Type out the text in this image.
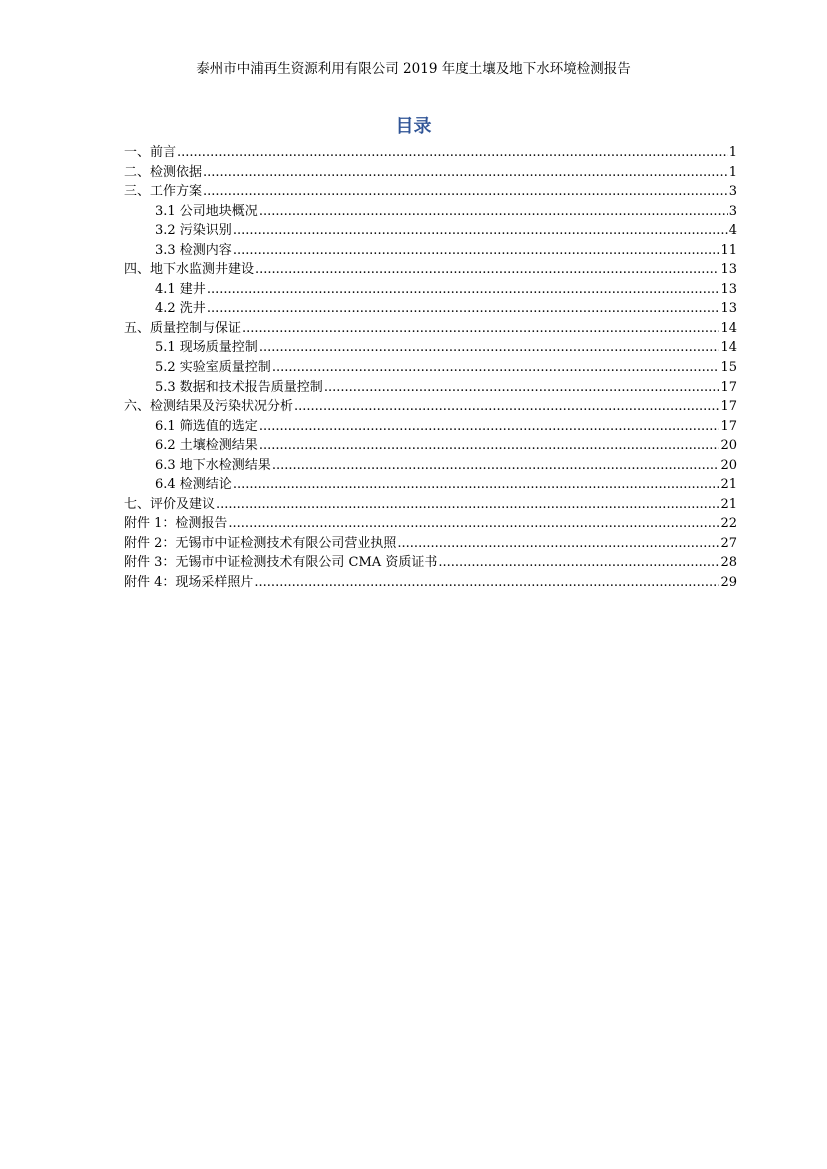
泰州市中浦再生资源利用有限公司 2019 年度土壤及地下水环境检测报告
目录
一、前言 .....	1
二、检测依据 .....	1
三、工作方案 .....	3
3.1 公司地块概况 .....	3
3.2 污染识别 .....	4
3.3 检测内容 .....	11
四、地下水监测井建设 .....	13
4.1 建井 .....	13
4.2 洗井 .....	13
五、质量控制与保证 .....	14
5.1 现场质量控制 .....	14
5.2 实验室质量控制 .....	15
5.3 数据和技术报告质量控制 .....	17
六、检测结果及污染状况分析 .....	17
6.1 筛选值的选定 .....	17
6.2 土壤检测结果 .....	20
6.3 地下水检测结果 .....	20
6.4 检测结论 .....	21
七、评价及建议 .....	21
附件 1：检测报告 .....	22
附件 2：无锡市中证检测技术有限公司营业执照 .....	27
附件 3：无锡市中证检测技术有限公司 CMA 资质证书 .....	28
附件 4：现场采样照片 .....	29
